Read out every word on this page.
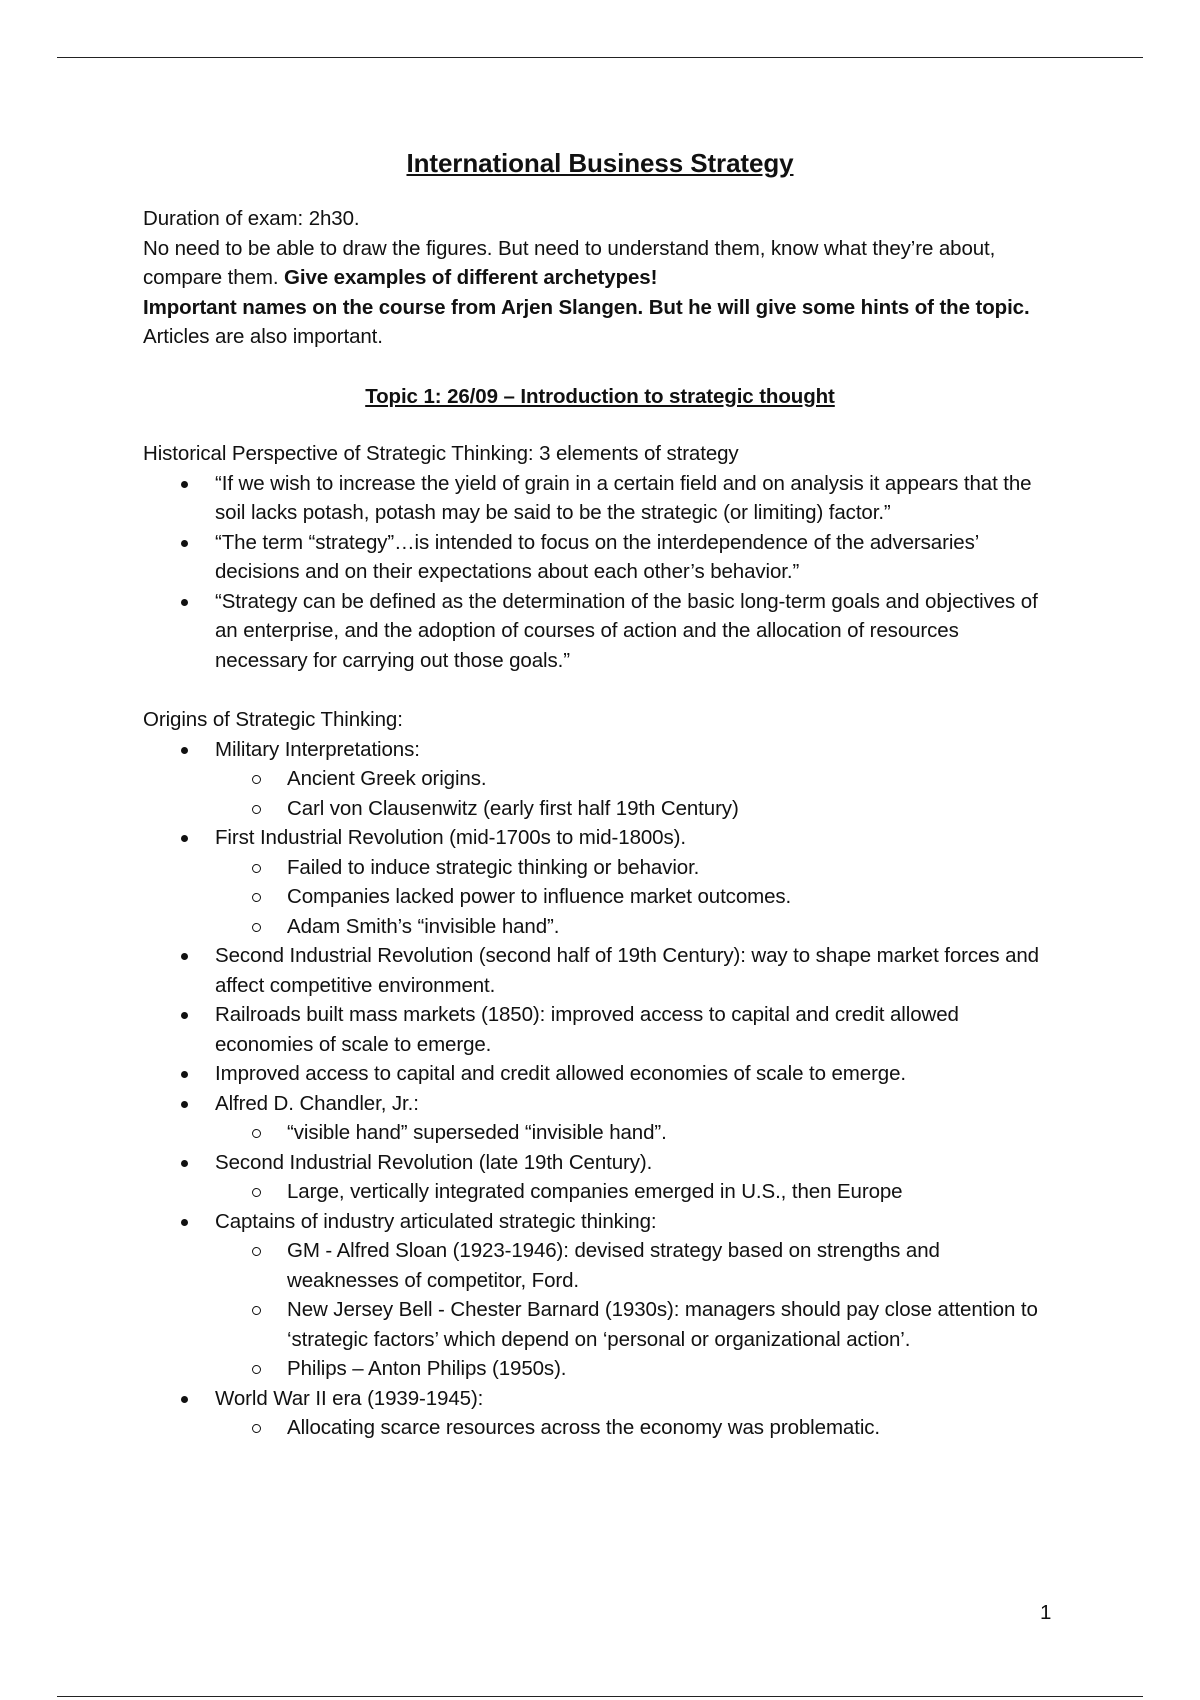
International Business Strategy

Duration of exam: 2h30.

No need to be able to draw the figures. But need to understand them, know what they’re about, compare them. Give examples of different archetypes!

Important names on the course from Arjen Slangen. But he will give some hints of the topic.

Articles are also important.

Topic 1: 26/09 – Introduction to strategic thought

Historical Perspective of Strategic Thinking: 3 elements of strategy

“If we wish to increase the yield of grain in a certain field and on analysis it appears that the soil lacks potash, potash may be said to be the strategic (or limiting) factor.”
“The term “strategy”…is intended to focus on the interdependence of the adversaries’ decisions and on their expectations about each other’s behavior.”
“Strategy can be defined as the determination of the basic long-term goals and objectives of an enterprise, and the adoption of courses of action and the allocation of resources necessary for carrying out those goals.”

Origins of Strategic Thinking:

Military Interpretations:
Ancient Greek origins.
Carl von Clausenwitz (early first half 19th Century)
First Industrial Revolution (mid-1700s to mid-1800s).
Failed to induce strategic thinking or behavior.
Companies lacked power to influence market outcomes.
Adam Smith’s “invisible hand”.
Second Industrial Revolution (second half of 19th Century): way to shape market forces and affect competitive environment.
Railroads built mass markets (1850): improved access to capital and credit allowed economies of scale to emerge.
Improved access to capital and credit allowed economies of scale to emerge.
Alfred D. Chandler, Jr.:
“visible hand” superseded “invisible hand”.
Second Industrial Revolution (late 19th Century).
Large, vertically integrated companies emerged in U.S., then Europe
Captains of industry articulated strategic thinking:
GM - Alfred Sloan (1923-1946): devised strategy based on strengths and weaknesses of competitor, Ford.
New Jersey Bell - Chester Barnard (1930s): managers should pay close attention to ‘strategic factors’ which depend on ‘personal or organizational action’.
Philips – Anton Philips (1950s).
World War II era (1939-1945):
Allocating scarce resources across the economy was problematic.
1
